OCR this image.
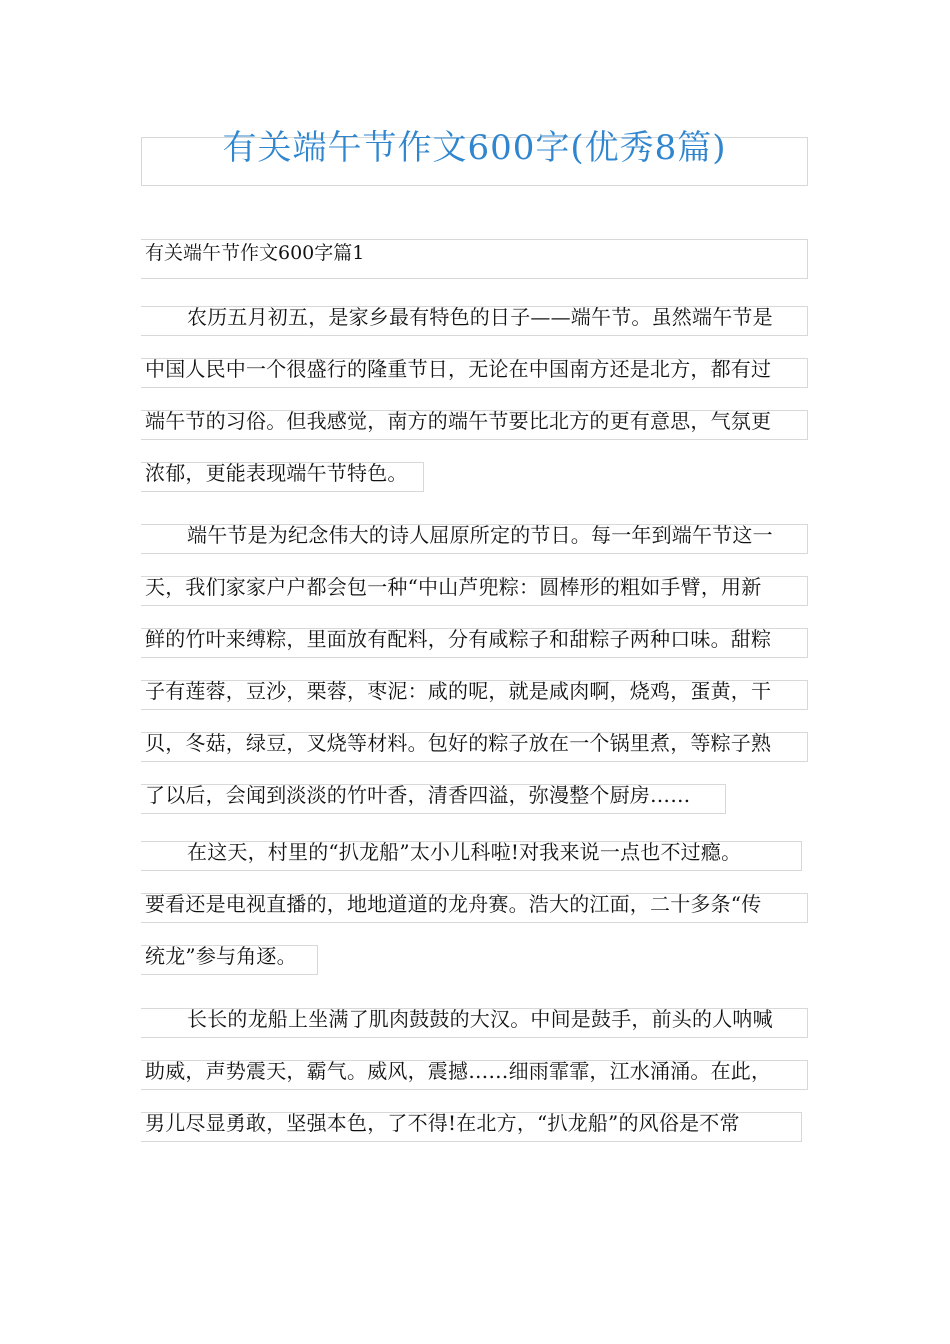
有关端午节作文600字(优秀8篇)
有关端午节作文600字篇1
农历五月初五，是家乡最有特色的日子——端午节。虽然端午节是
中国人民中一个很盛行的隆重节日，无论在中国南方还是北方，都有过
端午节的习俗。但我感觉，南方的端午节要比北方的更有意思，气氛更
浓郁，更能表现端午节特色。
端午节是为纪念伟大的诗人屈原所定的节日。每一年到端午节这一
天，我们家家户户都会包一种“中山芦兜粽：圆棒形的粗如手臂，用新
鲜的竹叶来缚粽，里面放有配料，分有咸粽子和甜粽子两种口味。甜粽
子有莲蓉，豆沙，栗蓉，枣泥：咸的呢，就是咸肉啊，烧鸡，蛋黄，干
贝，冬菇，绿豆，叉烧等材料。包好的粽子放在一个锅里煮，等粽子熟
了以后，会闻到淡淡的竹叶香，清香四溢，弥漫整个厨房……
在这天，村里的“扒龙船”太小儿科啦!对我来说一点也不过瘾。
要看还是电视直播的，地地道道的龙舟赛。浩大的江面，二十多条“传
统龙”参与角逐。
长长的龙船上坐满了肌肉鼓鼓的大汉。中间是鼓手，前头的人呐喊
助威，声势震天，霸气。威风，震撼……细雨霏霏，江水涌涌。在此，
男儿尽显勇敢，坚强本色，了不得!在北方，“扒龙船”的风俗是不常
